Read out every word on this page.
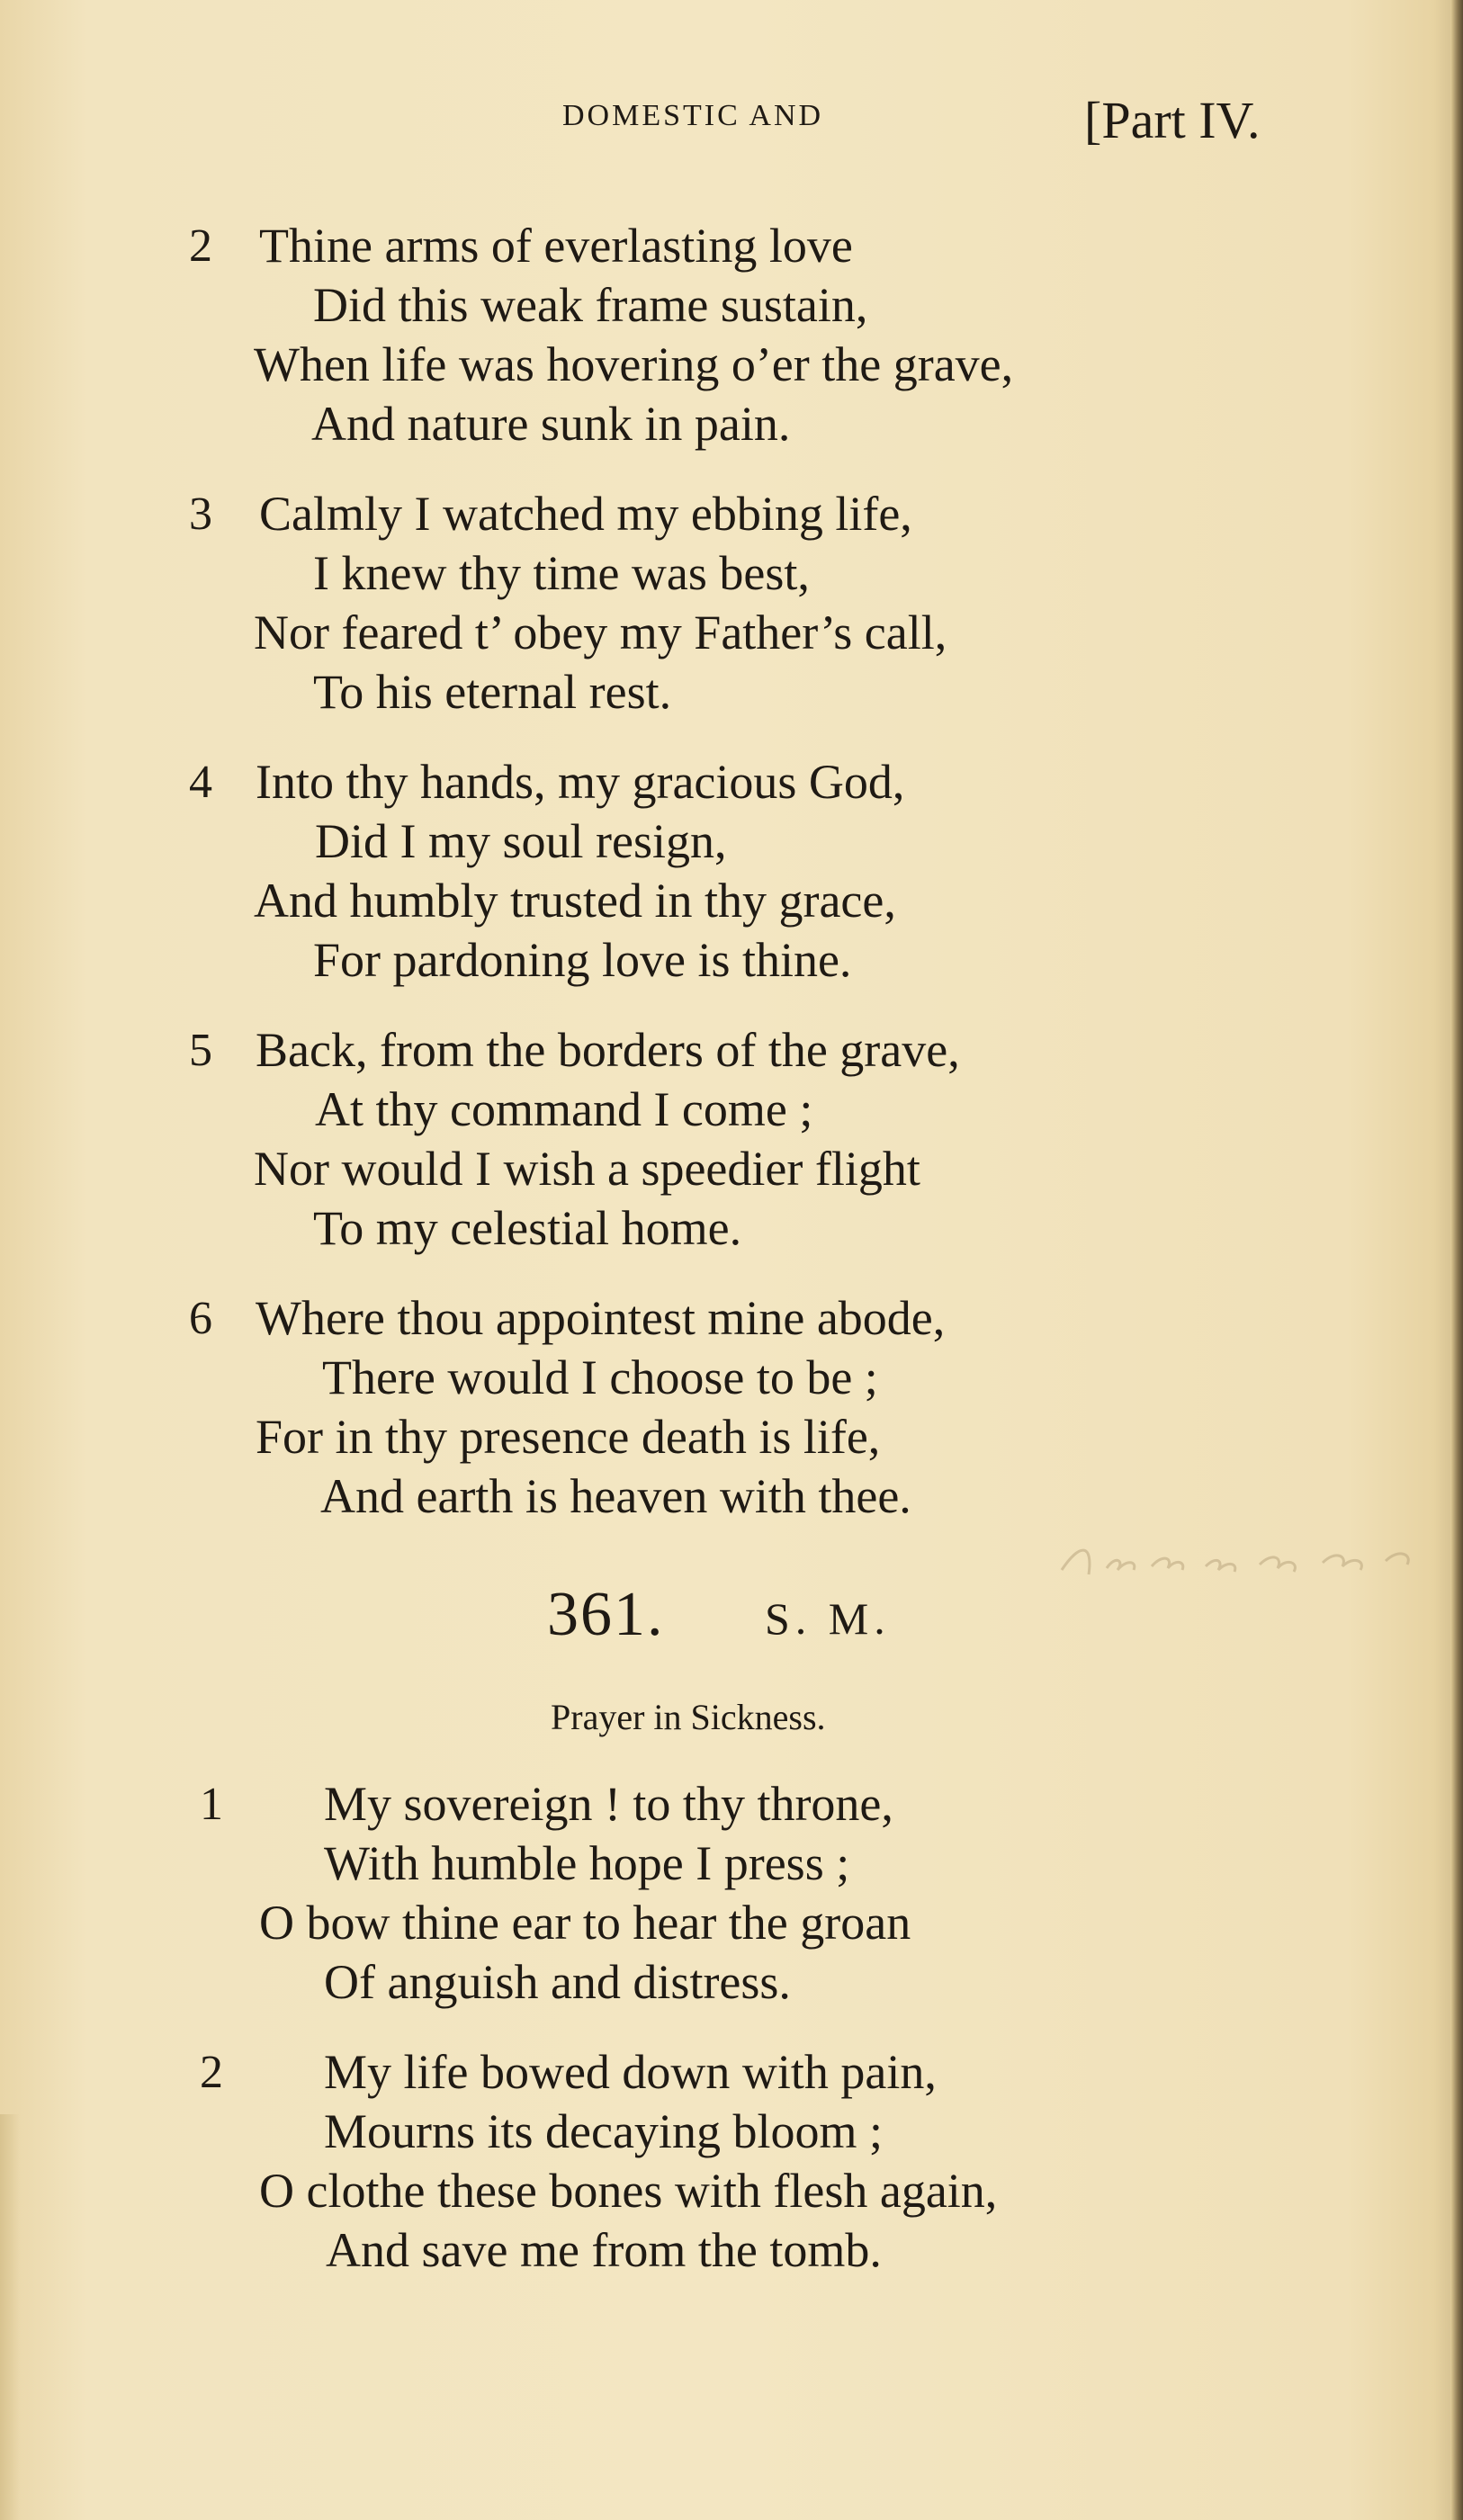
DOMESTIC AND	[Part IV.
2 Thine arms of everlasting love
Did this weak frame sustain,
When life was hovering o’er the grave,
And nature sunk in pain.
3 Calmly I watched my ebbing life,
I knew thy time was best,
Nor feared t’ obey my Father’s call,
To his eternal rest.
4 Into thy hands, my gracious God,
Did I my soul resign,
And humbly trusted in thy grace,
For pardoning love is thine.
5 Back, from the borders of the grave,
At thy command I come ;
Nor would I wish a speedier flight
To my celestial home.
6 Where thou appointest mine abode,
There would I choose to be ;
For in thy presence death is life,
And earth is heaven with thee.
361. S. M.
Prayer in Sickness.
1 My sovereign ! to thy throne,
With humble hope I press ;
O bow thine ear to hear the groan
Of anguish and distress.
2 My life bowed down with pain,
Mourns its decaying bloom ;
O clothe these bones with flesh again,
And save me from the tomb.
